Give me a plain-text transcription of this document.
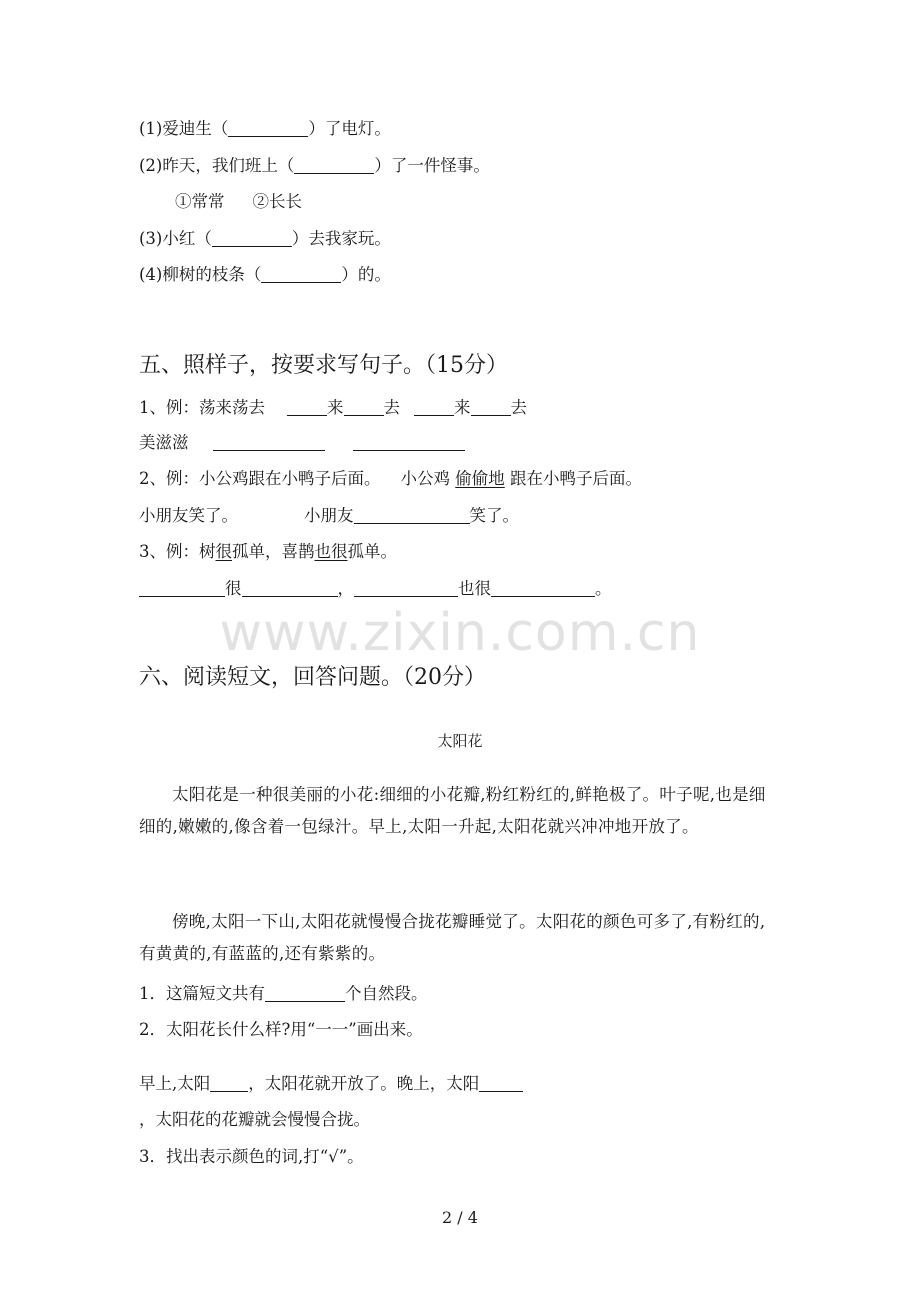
www.zixin.com.cn
(1)爱迪生（	）了电灯。
(2)昨天，我们班上（	）了一件怪事。
①常常 ②长长
(3)小红（	）去我家玩。
(4)柳树的枝条（	）的。
五、照样子，按要求写句子。（15分）
1、例：荡来荡去	来 去	来 去
美滋滋
2、例：小公鸡跟在小鸭子后面。 小公鸡 偷偷地 跟在小鸭子后面。
小朋友笑了。	小朋友	笑了。
3、例：树很孤单，喜鹊也很孤单。
很	，	也很	。
六、阅读短文，回答问题。（20分）
太阳花
太阳花是一种很美丽的小花:细细的小花瓣,粉红粉红的,鲜艳极了。叶子呢,也是细细的,嫩嫩的,像含着一包绿汁。早上,太阳一升起,太阳花就兴冲冲地开放了。
傍晚,太阳一下山,太阳花就慢慢合拢花瓣睡觉了。太阳花的颜色可多了,有粉红的,有黄黄的,有蓝蓝的,还有紫紫的。
1．这篇短文共有	个自然段。
2．太阳花长什么样?用“一一”画出来。
早上,太阳 ，太阳花就开放了。晚上，太阳
，太阳花的花瓣就会慢慢合拢。
3．找出表示颜色的词,打“√”。
2 / 4
